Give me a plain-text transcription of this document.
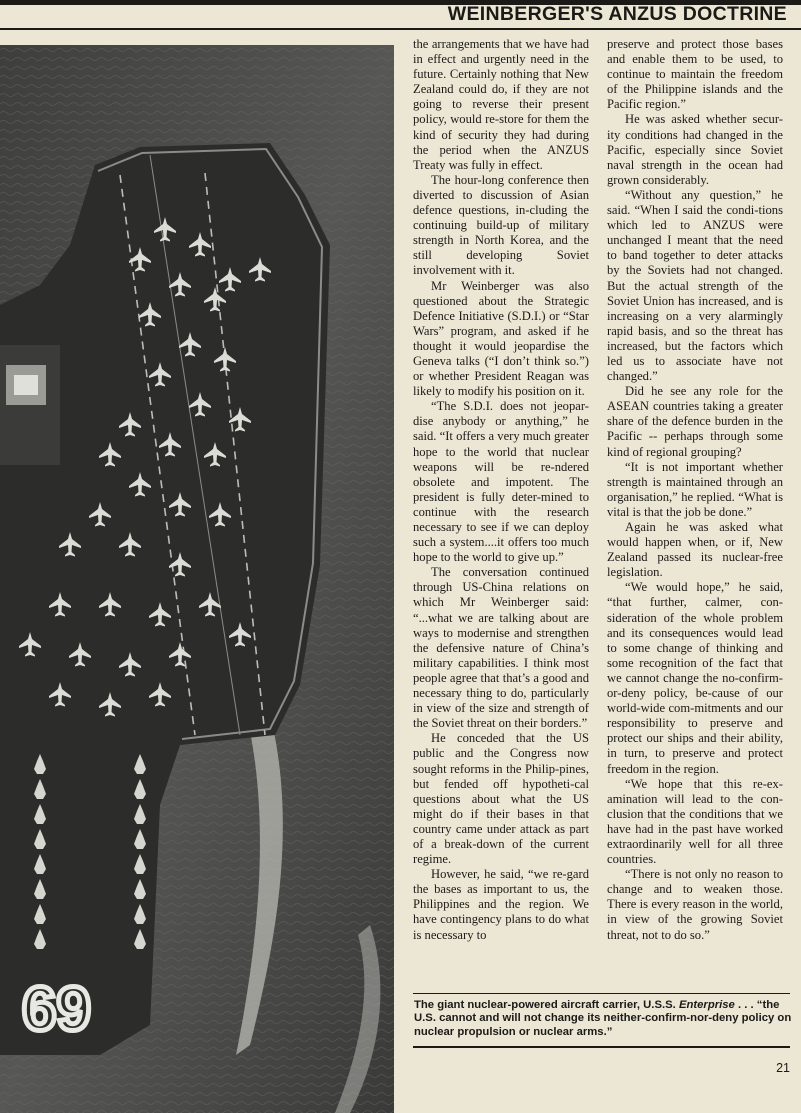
WEINBERGER'S ANZUS DOCTRINE
69

the arrangements that we have had in effect and urgently need in the future. Certainly nothing that New Zealand could do, if they are not going to reverse their present policy, would re-store for them the kind of security they had during the period when the ANZUS Treaty was fully in effect.

The hour-long conference then diverted to discussion of Asian defence questions, in-cluding the continuing build-up of military strength in North Korea, and the still developing Soviet involvement with it.

Mr Weinberger was also questioned about the Strategic Defence Initiative (S.D.I.) or “Star Wars” program, and asked if he thought it would jeopardise the Geneva talks (“I don’t think so.”) or whether President Reagan was likely to modify his position on it.

“The S.D.I. does not jeopar-dise anybody or anything,” he said. “It offers a very much greater hope to the world that nuclear weapons will be re-ndered obsolete and impotent. The president is fully deter-mined to continue with the research necessary to see if we can deploy such a system....it offers too much hope to the world to give up.”

The conversation continued through US-China relations on which Mr Weinberger said: “...what we are talking about are ways to modernise and strengthen the defensive nature of China’s military capabilities. I think most people agree that that’s a good and necessary thing to do, particularly in view of the size and strength of the Soviet threat on their borders.”

He conceded that the US public and the Congress now sought reforms in the Philip-pines, but fended off hypotheti-cal questions about what the US might do if their bases in that country came under attack as part of a break-down of the current regime.

However, he said, “we re-gard the bases as important to us, the Philippines and the region. We have contingency plans to do what is necessary to

preserve and protect those bases and enable them to be used, to continue to maintain the freedom of the Philippine islands and the Pacific region.”

He was asked whether secur-ity conditions had changed in the Pacific, especially since Soviet naval strength in the ocean had grown considerably.

“Without any question,” he said. “When I said the condi-tions which led to ANZUS were unchanged I meant that the need to band together to deter attacks by the Soviets had not changed. But the actual strength of the Soviet Union has increased, and is increasing on a very alarmingly rapid basis, and so the threat has increased, but the factors which led us to associate have not changed.”

Did he see any role for the ASEAN countries taking a greater share of the defence burden in the Pacific -- perhaps through some kind of regional grouping?

“It is not important whether strength is maintained through an organisation,” he replied. “What is vital is that the job be done.”

Again he was asked what would happen when, or if, New Zealand passed its nuclear-free legislation.

“We would hope,” he said, “that further, calmer, con-sideration of the whole problem and its consequences would lead to some change of thinking and some recognition of the fact that we cannot change the no-confirm-or-deny policy, be-cause of our world-wide com-mitments and our responsibility to preserve and protect our ships and their ability, in turn, to preserve and protect freedom in the region.

“We hope that this re-ex-amination will lead to the con-clusion that the conditions that we have had in the past have worked extraordinarily well for all three countries.

“There is not only no reason to change and to weaken those. There is every reason in the world, in view of the growing Soviet threat, not to do so.”

The giant nuclear-powered aircraft carrier, U.S.S. Enterprise . . . “the U.S. cannot and will not change its neither-confirm-nor-deny policy on nuclear propulsion or nuclear arms.”
21
